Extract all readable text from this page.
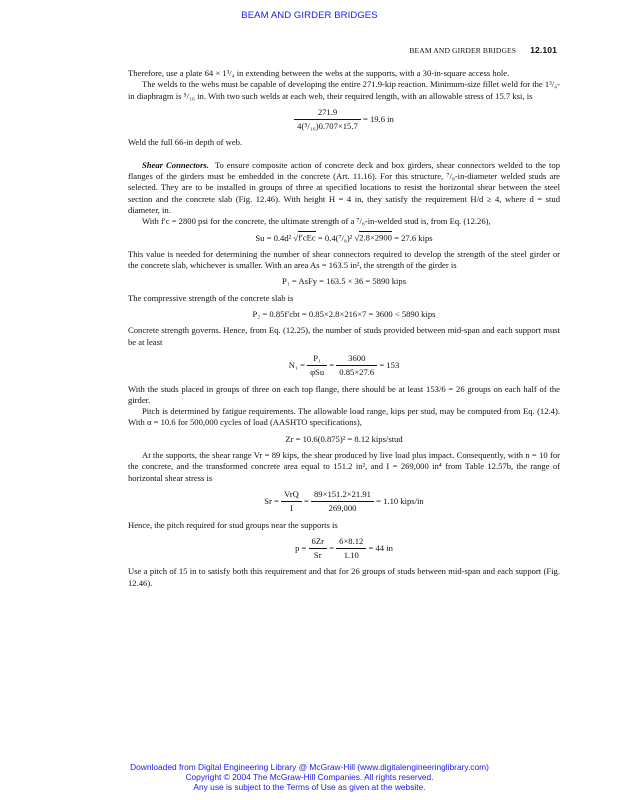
BEAM AND GIRDER BRIDGES
BEAM AND GIRDER BRIDGES 12.101

Therefore, use a plate 64 × 1³/₄ in extending between the webs at the supports, with a 30-in-square access hole.

The welds to the webs must be capable of developing the entire 271.9-kip reaction. Minimum-size fillet weld for the 1³/₄-in diaphragm is ⁵/₁₆ in. With two such welds at each web, their required length, with an allowable stress of 15.7 ksi, is

$\frac{271.9}{\text{4(⁵/₁₆)0.707×15.7}} = 19.6$ in

Weld the full 66-in depth of web.

Shear Connectors. To ensure composite action of concrete deck and box girders, shear connectors welded to the top flanges of the girders must be embedded in the concrete (Art. 11.16). For this structure, ⁷/₈-in-diameter welded studs are selected. They are to be installed in groups of three at specified locations to resist the horizontal shear between the steel section and the concrete slab (Fig. 12.46). With height H = 4 in, they satisfy the requirement H/d ≥ 4, where d = stud diameter, in.

With f′c = 2800 psi for the concrete, the ultimate strength of a ⁷/₈-in-welded stud is, from Eq. (12.26),

Su = 0.4d² √f′cEc = 0.4(⁷/₈)² √2.8×2900 = 27.6 kips

This value is needed for determining the number of shear connectors required to develop the strength of the steel girder or the concrete slab, whichever is smaller. With an area As = 163.5 in², the strength of the girder is

P₁ = AsFy = 163.5 × 36 = 5890 kips

The compressive strength of the concrete slab is

P₂ = 0.85f′cbt = 0.85×2.8×216×7 = 3600 < 5890 kips

Concrete strength governs. Hence, from Eq. (12.25), the number of studs provided between mid-span and each support must be at least

$N_1 = \frac{\text{P₁}}{\text{φSu}} = \frac{3600}{0.85\times 27.6} = 153$

With the studs placed in groups of three on each top flange, there should be at least 153/6 = 26 groups on each half of the girder.

Pitch is determined by fatigue requirements. The allowable load range, kips per stud, may be computed from Eq. (12.4). With α = 10.6 for 500,000 cycles of load (AASHTO specifications),

Zr = 10.6(0.875)² = 8.12 kips/stud

At the supports, the shear range Vr = 89 kips, the shear produced by live load plus impact. Consequently, with n = 10 for the concrete, and the transformed concrete area equal to 151.2 in², and I = 269,000 in⁴ from Table 12.57b, the range of horizontal shear stress is

$Sr = \frac{\text{VrQ}}{I} = \frac{89\times 151.2\times 21.91}{269,000} = 1.10$ kips/in

Hence, the pitch required for stud groups near the supports is

$p = \frac{6Zr}{Sr} = \frac{6\times 8.12}{1.10} = 44$ in

Use a pitch of 15 in to satisfy both this requirement and that for 26 groups of studs between mid-span and each support (Fig. 12.46).

Downloaded from Digital Engineering Library @ McGraw-Hill (www.digitalengineeringlibrary.com)
Copyright © 2004 The McGraw-Hill Companies. All rights reserved.
Any use is subject to the Terms of Use as given at the website.
